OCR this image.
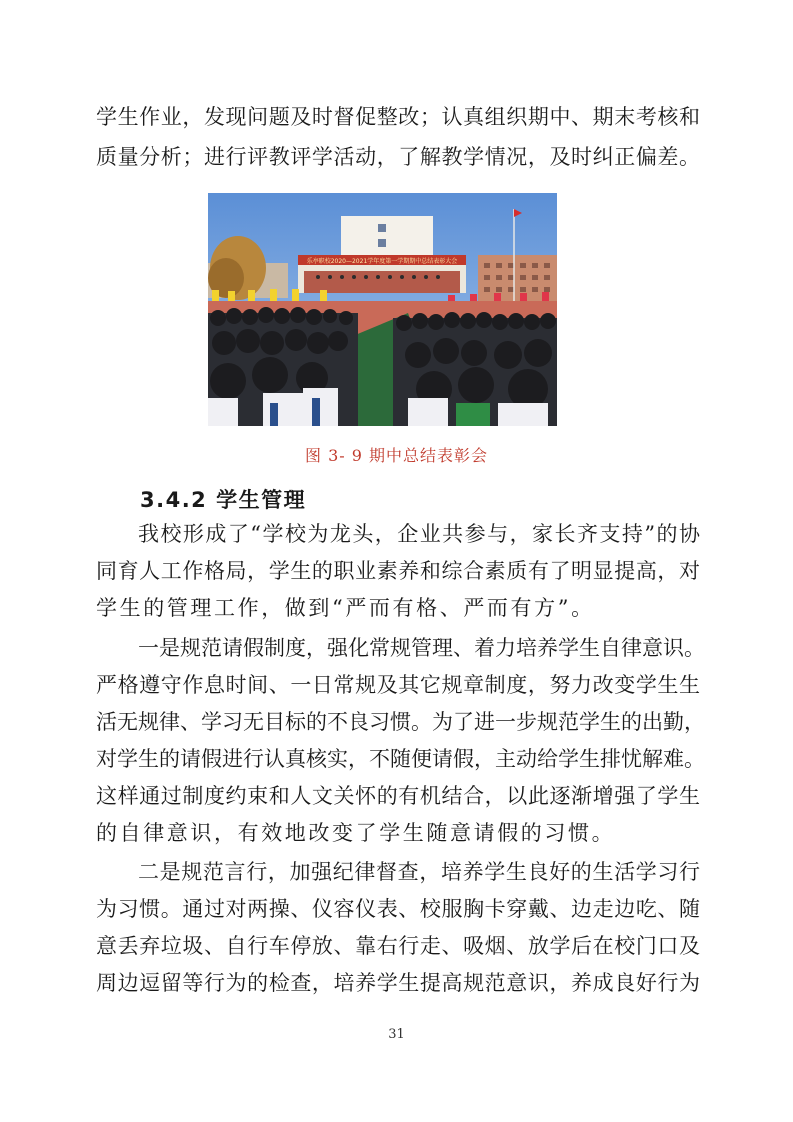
学生作业，发现问题及时督促整改；认真组织期中、期末考核和
质量分析；进行评教评学活动，了解教学情况，及时纠正偏差。
乐亭职校2020—2021学年度第一学期期中总结表彰大会
图 3- 9 期中总结表彰会
3.4.2 学生管理
我校形成了“学校为龙头，企业共参与，家长齐支持”的协
同育人工作格局，学生的职业素养和综合素质有了明显提高，对
学生的管理工作，做到“严而有格、严而有方”。
一是规范请假制度，强化常规管理、着力培养学生自律意识。
严格遵守作息时间、一日常规及其它规章制度，努力改变学生生
活无规律、学习无目标的不良习惯。为了进一步规范学生的出勤，
对学生的请假进行认真核实，不随便请假，主动给学生排忧解难。
这样通过制度约束和人文关怀的有机结合，以此逐渐增强了学生
的自律意识，有效地改变了学生随意请假的习惯。
二是规范言行，加强纪律督查，培养学生良好的生活学习行
为习惯。通过对两操、仪容仪表、校服胸卡穿戴、边走边吃、随
意丢弃垃圾、自行车停放、靠右行走、吸烟、放学后在校门口及
周边逗留等行为的检查，培养学生提高规范意识，养成良好行为
31
